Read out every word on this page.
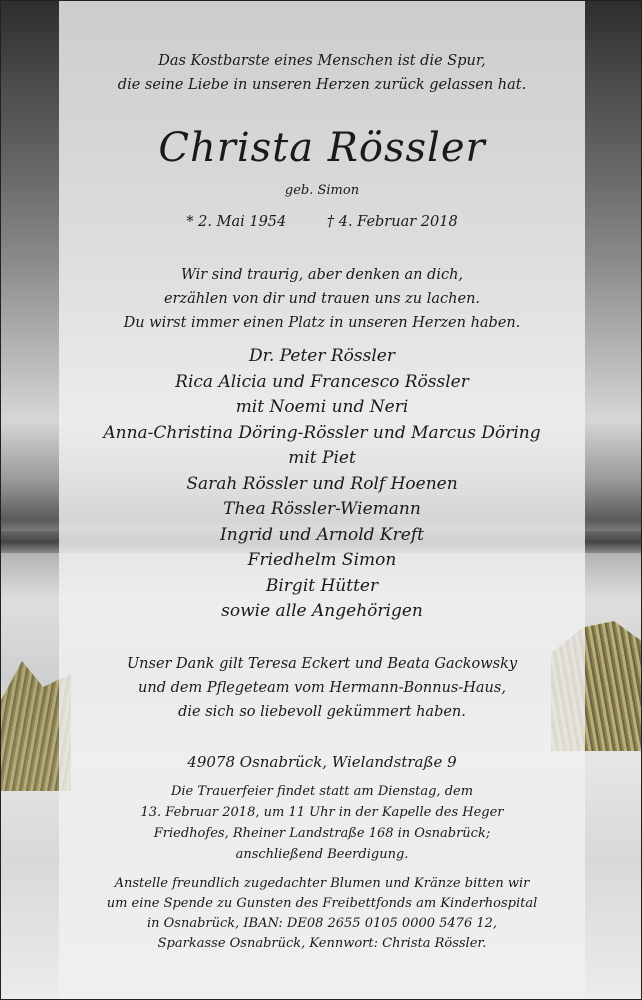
Das Kostbarste eines Menschen ist die Spur,
die seine Liebe in unseren Herzen zurück gelassen hat.
Christa Rössler
geb. Simon
* 2. Mai 1954	† 4. Februar 2018
Wir sind traurig, aber denken an dich,
erzählen von dir und trauen uns zu lachen.
Du wirst immer einen Platz in unseren Herzen haben.
Dr. Peter Rössler
Rica Alicia und Francesco Rössler
mit Noemi und Neri
Anna-Christina Döring-Rössler und Marcus Döring
mit Piet
Sarah Rössler und Rolf Hoenen
Thea Rössler-Wiemann
Ingrid und Arnold Kreft
Friedhelm Simon
Birgit Hütter
sowie alle Angehörigen
Unser Dank gilt Teresa Eckert und Beata Gackowsky
und dem Pflegeteam vom Hermann-Bonnus-Haus,
die sich so liebevoll gekümmert haben.
49078 Osnabrück, Wielandstraße 9
Die Trauerfeier findet statt am Dienstag, dem
13. Februar 2018, um 11 Uhr in der Kapelle des Heger
Friedhofes, Rheiner Landstraße 168 in Osnabrück;
anschließend Beerdigung.
Anstelle freundlich zugedachter Blumen und Kränze bitten wir
um eine Spende zu Gunsten des Freibettfonds am Kinderhospital
in Osnabrück, IBAN: DE08 2655 0105 0000 5476 12,
Sparkasse Osnabrück, Kennwort: Christa Rössler.
